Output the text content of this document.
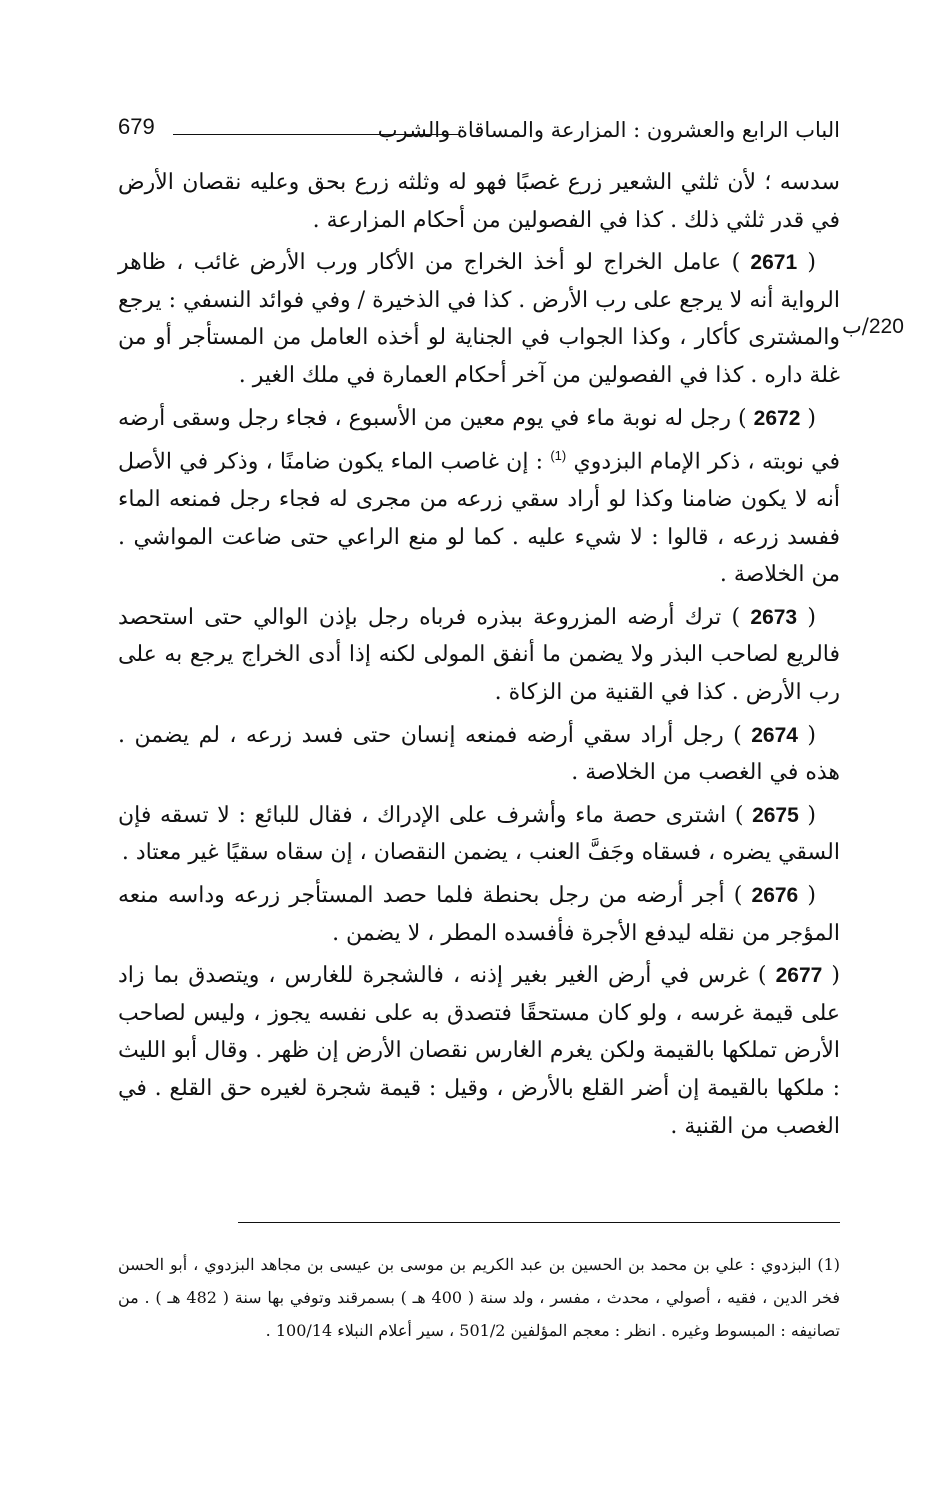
الباب الرابع والعشرون : المزارعة والمساقاة والشرب
679
220/ب

سدسه ؛ لأن ثلثي الشعير زرع غصبًا فهو له وثلثه زرع بحق وعليه نقصان الأرض في قدر ثلثي ذلك . كذا في الفصولين من أحكام المزارعة .

( 2671 ) عامل الخراج لو أخذ الخراج من الأكار ورب الأرض غائب ، ظاهر الرواية أنه لا يرجع على رب الأرض . كذا في الذخيرة / وفي فوائد النسفي : يرجع والمشترى كأكار ، وكذا الجواب في الجناية لو أخذه العامل من المستأجر أو من غلة داره . كذا في الفصولين من آخر أحكام العمارة في ملك الغير .

( 2672 ) رجل له نوبة ماء في يوم معين من الأسبوع ، فجاء رجل وسقى أرضه في نوبته ، ذكر الإمام البزدوي $^{(1)}$ : إن غاصب الماء يكون ضامنًا ، وذكر في الأصل أنه لا يكون ضامنا وكذا لو أراد سقي زرعه من مجرى له فجاء رجل فمنعه الماء ففسد زرعه ، قالوا : لا شيء عليه . كما لو منع الراعي حتى ضاعت المواشي . من الخلاصة .

( 2673 ) ترك أرضه المزروعة ببذره فرباه رجل بإذن الوالي حتى استحصد فالريع لصاحب البذر ولا يضمن ما أنفق المولى لكنه إذا أدى الخراج يرجع به على رب الأرض . كذا في القنية من الزكاة .

( 2674 ) رجل أراد سقي أرضه فمنعه إنسان حتى فسد زرعه ، لم يضمن . هذه في الغصب من الخلاصة .

( 2675 ) اشترى حصة ماء وأشرف على الإدراك ، فقال للبائع : لا تسقه فإن السقي يضره ، فسقاه وجَفَّ العنب ، يضمن النقصان ، إن سقاه سقيًا غير معتاد .

( 2676 ) أجر أرضه من رجل بحنطة فلما حصد المستأجر زرعه وداسه منعه المؤجر من نقله ليدفع الأجرة فأفسده المطر ، لا يضمن .

( 2677 ) غرس في أرض الغير بغير إذنه ، فالشجرة للغارس ، ويتصدق بما زاد على قيمة غرسه ، ولو كان مستحقًا فتصدق به على نفسه يجوز ، وليس لصاحب الأرض تملكها بالقيمة ولكن يغرم الغارس نقصان الأرض إن ظهر . وقال أبو الليث : ملكها بالقيمة إن أضر القلع بالأرض ، وقيل : قيمة شجرة لغيره حق القلع . في الغصب من القنية .

(1) البزدوي : علي بن محمد بن الحسين بن عبد الكريم بن موسى بن عيسى بن مجاهد البزدوي ، أبو الحسن فخر الدين ، فقيه ، أصولي ، محدث ، مفسر ، ولد سنة ( 400 هـ ) بسمرقند وتوفي بها سنة ( 482 هـ ) . من تصانيفه : المبسوط وغيره . انظر : معجم المؤلفين 501/2 ، سير أعلام النبلاء 100/14 .
